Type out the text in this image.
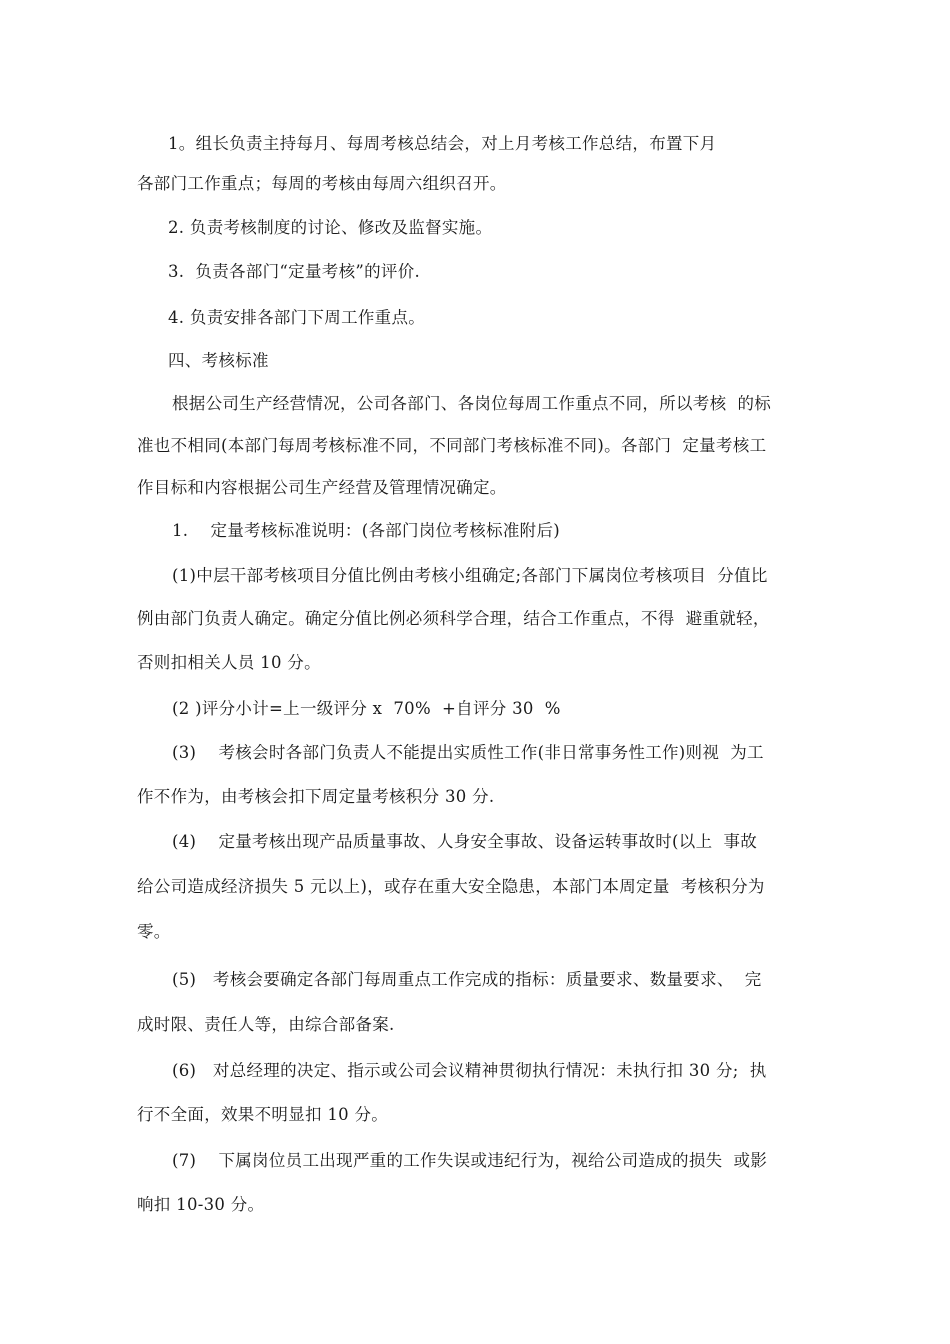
1。组长负责主持每月、每周考核总结会，对上月考核工作总结，布置下月
各部门工作重点；每周的考核由每周六组织召开。
2. 负责考核制度的讨论、修改及监督实施。
3.  负责各部门“定量考核”的评价.
4. 负责安排各部门下周工作重点。
四、考核标准
根据公司生产经营情况，公司各部门、各岗位每周工作重点不同，所以考核  的标
准也不相同(本部门每周考核标准不同，不同部门考核标准不同)。各部门  定量考核工
作目标和内容根据公司生产经营及管理情况确定。
1.    定量考核标准说明：(各部门岗位考核标准附后)
(1)中层干部考核项目分值比例由考核小组确定;各部门下属岗位考核项目  分值比
例由部门负责人确定。确定分值比例必须科学合理，结合工作重点，不得  避重就轻，
否则扣相关人员 10 分。
(2 )评分小计=上一级评分 x  70%  +自评分 30  %
(3)    考核会时各部门负责人不能提出实质性工作(非日常事务性工作)则视  为工
作不作为，由考核会扣下周定量考核积分 30 分.
(4)    定量考核出现产品质量事故、人身安全事故、设备运转事故时(以上  事故
给公司造成经济损失 5 元以上)，或存在重大安全隐患，本部门本周定量  考核积分为
零。
(5)   考核会要确定各部门每周重点工作完成的指标：质量要求、数量要求、  完
成时限、责任人等，由综合部备案.
(6)   对总经理的决定、指示或公司会议精神贯彻执行情况：未执行扣 30 分;  执
行不全面，效果不明显扣 10 分。
(7)    下属岗位员工出现严重的工作失误或违纪行为，视给公司造成的损失  或影
响扣 10-30 分。
